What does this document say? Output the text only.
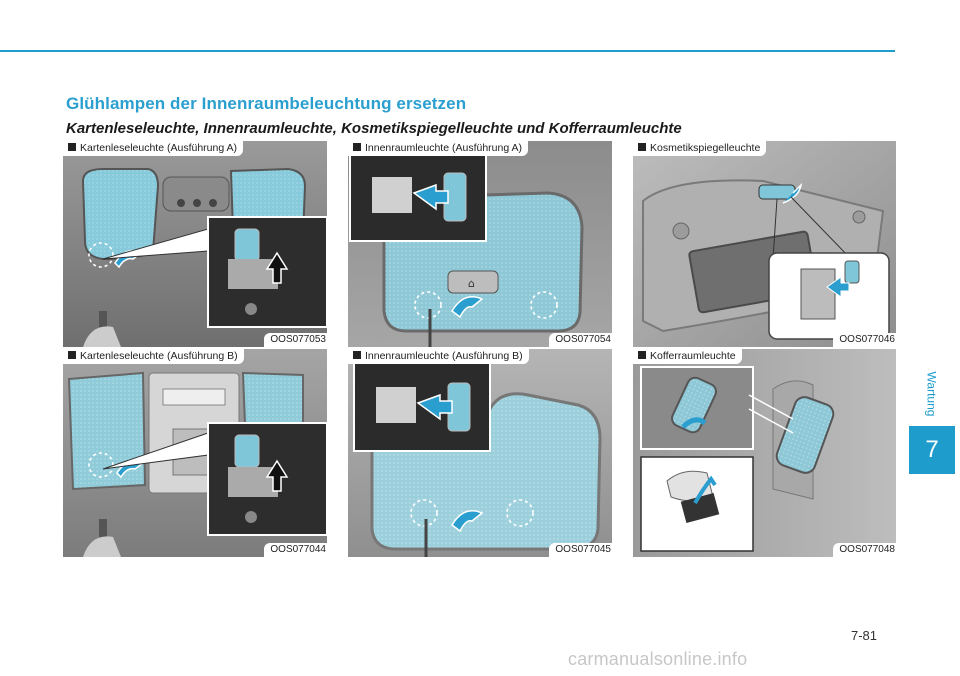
Glühlampen der Innenraumbeleuchtung ersetzen
Kartenleseleuchte, Innenraumleuchte, Kosmetikspiegelleuchte und Kofferraumleuchte
Wartung
7
Kartenleseleuchte (Ausführung A)
OOS077053
⌂
Innenraumleuchte (Ausführung A)
OOS077054
Kosmetikspiegelleuchte
OOS077046
Kartenleseleuchte (Ausführung B)
OOS077044
Innenraumleuchte (Ausführung B)
OOS077045
Kofferraumleuchte
OOS077048
7-81
carmanualsonline.info
